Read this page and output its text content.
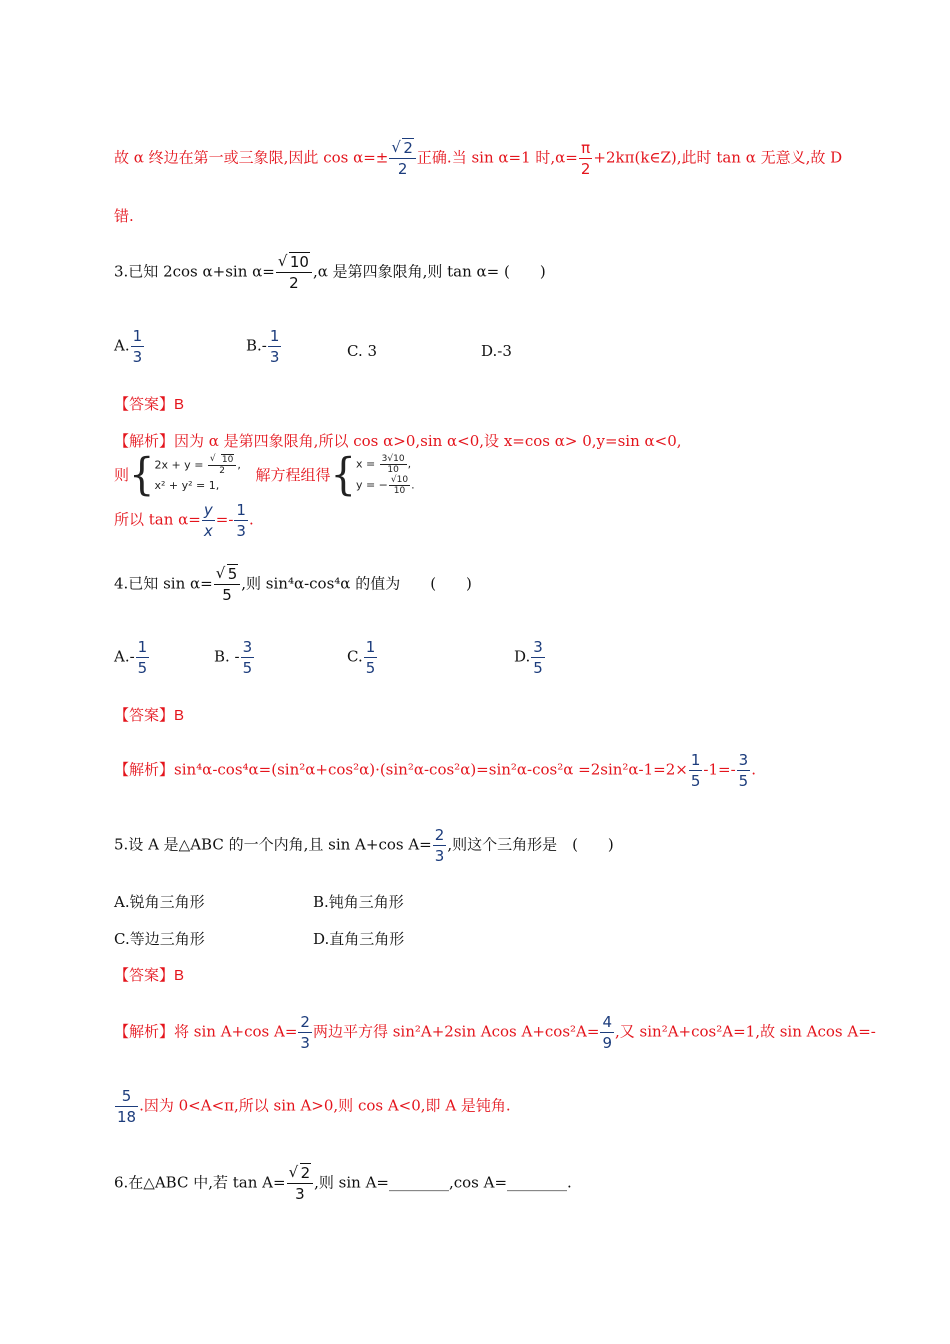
故 α 终边在第一或三象限,因此 cos α=± √ $\frac{2}{2}$ 正确.当 sin α=1 时$,\alpha= \frac{\pi}{2}$ +2kπ(k∈Z),此时 tan α 无意义,故 D
错.
3.已知 2cos α+sin α= √ $\frac{10}{2} ,\alpha$ 是第四象限角,则 tan α= (　　)
A. $\frac{1}{3}$	$B.- \frac{1}{3}$	C. 3	D.-3
【答案】B
【解析】因为 α 是第四象限角,所以 cos α>0,sin α<0,设 x=cos α> 0,y=sin α<0,
则{ 2x + y = √ $\frac{10}{2}$ ,
x² + y² = 1,
解方程组得{ $x = \frac{3√10}{10}$ ,
y = − $\frac{√10}{10}$ .
所以 $\tan \alpha= \frac{y}{x} =- \frac{1}{3}$ .
4.已知 sin α= √ $\frac{5}{5}$ ,则 sin⁴α-cos⁴α 的值为　　(　　)
$A.- \frac{1}{5}$	B. - $\frac{3}{5}$	C. $\frac{1}{5}$	D. $\frac{3}{5}$
【答案】B
【解析】$\sin^4\alpha-\cos^4\alpha=(\sin^2\alpha+\cos^2\alpha)\cdot(\sin^2\alpha-\cos^2\alpha)=\sin^2\alpha-\cos^2\alpha =2\sin^2\alpha-1=2\times \frac{1}{5} -1=- \frac{3}{5}$ .
5.设 A 是△ABC 的一个内角,且 sin A+cos $A= \frac{2}{3}$ ,则这个三角形是　(　　)
A.锐角三角形	B.钝角三角形
C.等边三角形	D.直角三角形
【答案】B
【解析】将 sin A+cos $A= \frac{2}{3}$ 两边平方得 sin²A+2sin Acos $A+\cos^2A= \frac{4}{9}$ ,又 sin²A+cos²A=1,故 sin Acos A=-
$\frac{5}{18}$ .因为 0<A<π,所以 sin A>0,则 cos A<0,即 A 是钝角.
6.在△ABC 中,若 tan A= √ $\frac{2}{3}$ ,则 sin A=________,cos A=________.
